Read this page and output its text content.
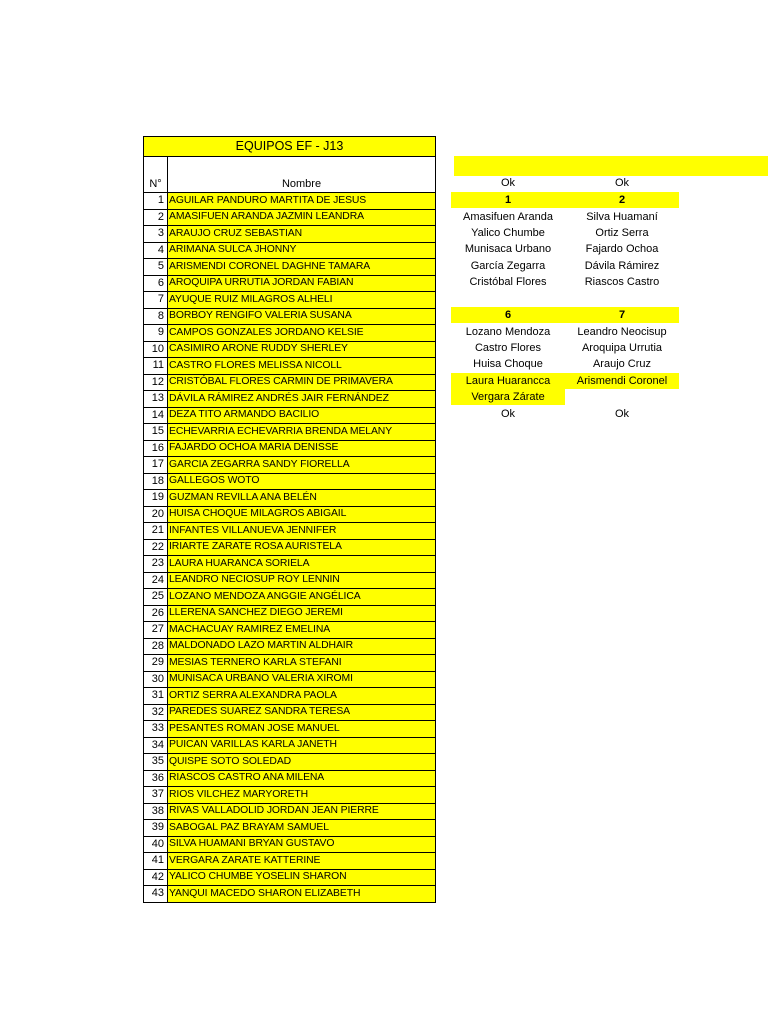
EQUIPOS EF - J13	

N°	Nombre
1	AGUILAR PANDURO MARTITA DE JESUS
2	AMASIFUEN ARANDA JAZMIN LEANDRA
3	ARAUJO CRUZ SEBASTIAN
4	ARIMANA SULCA JHONNY
5	ARISMENDI CORONEL DAGHNE TAMARA
6	AROQUIPA URRUTIA JORDAN FABIAN
7	AYUQUE RUIZ MILAGROS ALHELI
8	BORBOY RENGIFO VALERIA SUSANA
9	CAMPOS GONZALES JORDANO KELSIE
10	CASIMIRO ARONE RUDDY SHERLEY
11	CASTRO FLORES MELISSA NICOLL
12	CRISTÓBAL FLORES CARMIN DE PRIMAVERA
13	DÁVILA RÁMIREZ ANDRÉS JAIR FERNÁNDEZ
14	DEZA TITO ARMANDO BACILIO
15	ECHEVARRIA ECHEVARRIA BRENDA MELANY
16	FAJARDO OCHOA MARIA DENISSE
17	GARCIA ZEGARRA SANDY FIORELLA
18	GALLEGOS WOTO
19	GUZMAN REVILLA ANA BELÉN
20	HUISA CHOQUE MILAGROS ABIGAIL
21	INFANTES VILLANUEVA JENNIFER
22	IRIARTE ZARATE ROSA AURISTELA
23	LAURA HUARANCA SORIELA
24	LEANDRO NECIOSUP ROY LENNIN
25	LOZANO MENDOZA ANGGIE ANGÉLICA
26	LLERENA SANCHEZ DIEGO JEREMI
27	MACHACUAY RAMIREZ EMELINA
28	MALDONADO LAZO MARTIN ALDHAIR
29	MESIAS TERNERO KARLA STEFANI
30	MUNISACA URBANO VALERIA XIROMI
31	ORTIZ SERRA ALEXANDRA PAOLA
32	PAREDES SUAREZ SANDRA TERESA
33	PESANTES ROMAN JOSE MANUEL
34	PUICAN VARILLAS KARLA JANETH
35	QUISPE SOTO SOLEDAD
36	RIASCOS CASTRO ANA MILENA
37	RIOS VILCHEZ MARYORETH
38	RIVAS VALLADOLID JORDAN JEAN PIERRE
39	SABOGAL PAZ BRAYAM SAMUEL
40	SILVA HUAMANI BRYAN GUSTAVO
41	VERGARA ZARATE KATTERINE
42	YALICO CHUMBE YOSELIN SHARON
43	YANQUI MACEDO SHARON ELIZABETH
Ok	Ok
1	2
Amasifuen Aranda	Silva Huamaní
Yalico Chumbe	Ortiz Serra
Munisaca Urbano	Fajardo Ochoa
García Zegarra	Dávila Rámirez
Cristóbal Flores	Riascos Castro
6	7
Lozano Mendoza	Leandro Neocisup
Castro Flores	Aroquipa Urrutia
Huisa Choque	Araujo Cruz
Laura Huarancca	Arismendi Coronel
Vergara Zárate
Ok	Ok
